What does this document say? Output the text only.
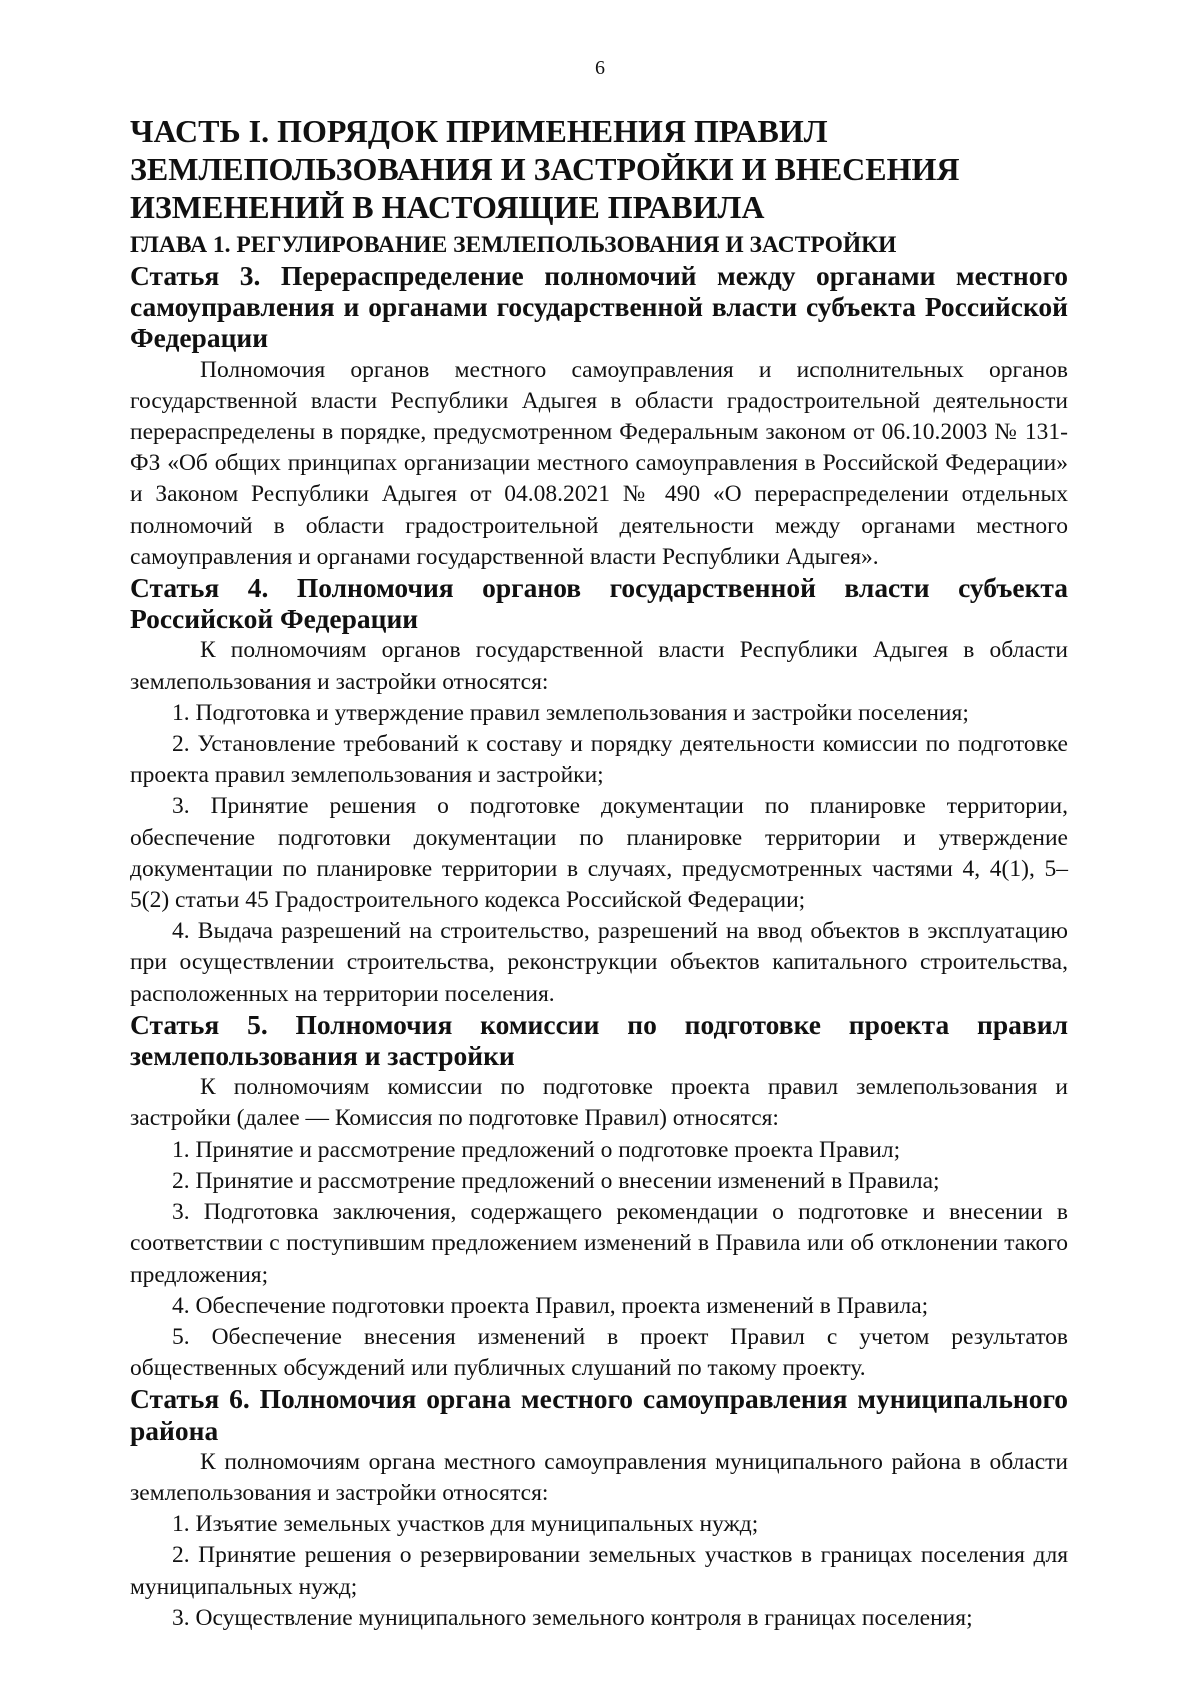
6
ЧАСТЬ I. ПОРЯДОК ПРИМЕНЕНИЯ ПРАВИЛ ЗЕМЛЕПОЛЬЗОВАНИЯ И ЗАСТРОЙКИ И ВНЕСЕНИЯ ИЗМЕНЕНИЙ В НАСТОЯЩИЕ ПРАВИЛА
ГЛАВА 1. РЕГУЛИРОВАНИЕ ЗЕМЛЕПОЛЬЗОВАНИЯ И ЗАСТРОЙКИ
Статья 3. Перераспределение полномочий между органами местного самоуправления и органами государственной власти субъекта Российской Федерации

Полномочия органов местного самоуправления и исполнительных органов государственной власти Республики Адыгея в области градостроительной деятельности перераспределены в порядке, предусмотренном Федеральным законом от 06.10.2003 № 131-ФЗ «Об общих принципах организации местного самоуправления в Российской Федерации» и Законом Республики Адыгея от 04.08.2021 № 490 «О перераспределении отдельных полномочий в области градостроительной деятельности между органами местного самоуправления и органами государственной власти Республики Адыгея».

Статья 4. Полномочия органов государственной власти субъекта Российской Федерации

К полномочиям органов государственной власти Республики Адыгея в области землепользования и застройки относятся:

1. Подготовка и утверждение правил землепользования и застройки поселения;

2. Установление требований к составу и порядку деятельности комиссии по подготовке проекта правил землепользования и застройки;

3. Принятие решения о подготовке документации по планировке территории, обеспечение подготовки документации по планировке территории и утверждение документации по планировке территории в случаях, предусмотренных частями 4, 4(1), 5–5(2) статьи 45 Градостроительного кодекса Российской Федерации;

4. Выдача разрешений на строительство, разрешений на ввод объектов в эксплуатацию при осуществлении строительства, реконструкции объектов капитального строительства, расположенных на территории поселения.

Статья 5. Полномочия комиссии по подготовке проекта правил землепользования и застройки

К полномочиям комиссии по подготовке проекта правил землепользования и застройки (далее — Комиссия по подготовке Правил) относятся:

1. Принятие и рассмотрение предложений о подготовке проекта Правил;

2. Принятие и рассмотрение предложений о внесении изменений в Правила;

3. Подготовка заключения, содержащего рекомендации о подготовке и внесении в соответствии с поступившим предложением изменений в Правила или об отклонении такого предложения;

4. Обеспечение подготовки проекта Правил, проекта изменений в Правила;

5. Обеспечение внесения изменений в проект Правил с учетом результатов общественных обсуждений или публичных слушаний по такому проекту.

Статья 6. Полномочия органа местного самоуправления муниципального района

К полномочиям органа местного самоуправления муниципального района в области землепользования и застройки относятся:

1. Изъятие земельных участков для муниципальных нужд;

2. Принятие решения о резервировании земельных участков в границах поселения для муниципальных нужд;

3. Осуществление муниципального земельного контроля в границах поселения;
